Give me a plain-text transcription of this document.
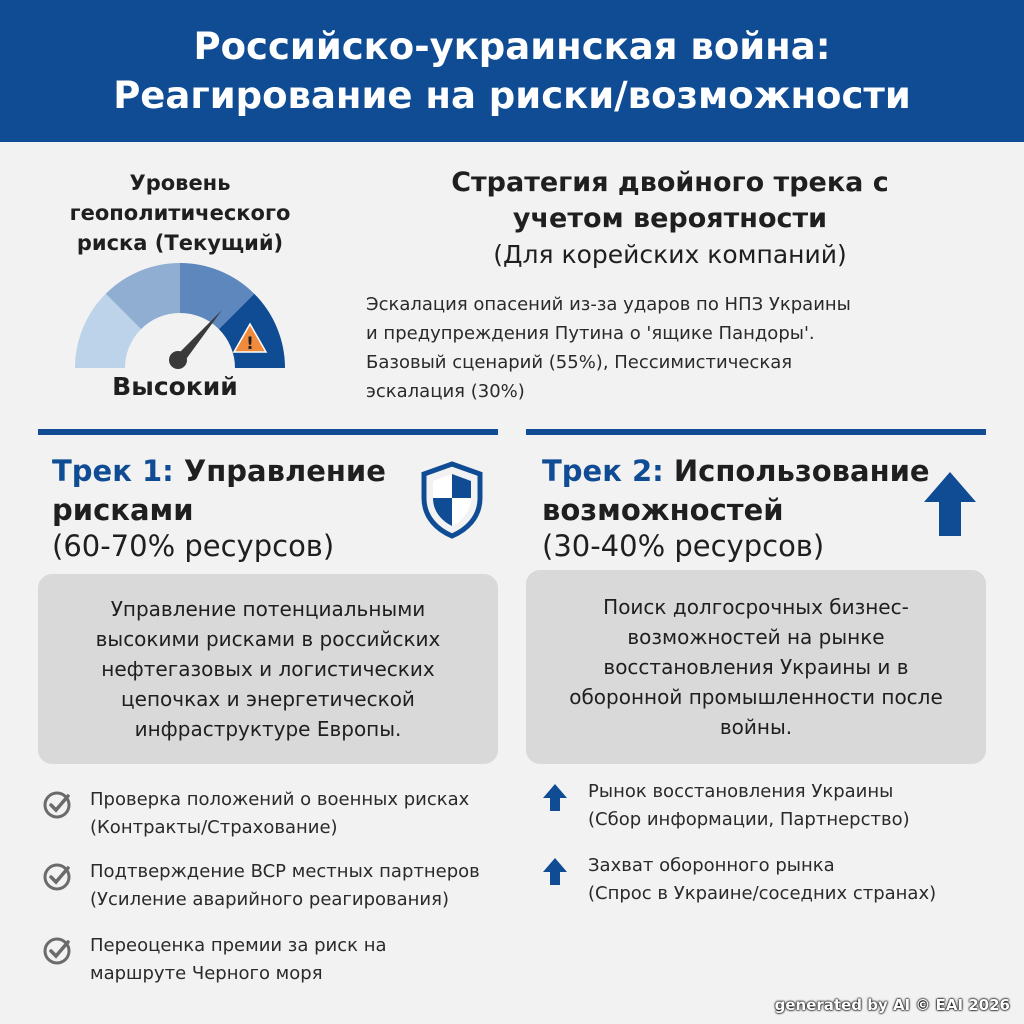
Российско-украинская война:
Реагирование на риски/возможности
Уровень
геополитического
риска (Текущий)
!
Высокий
Стратегия двойного трека с
учетом вероятности
(Для корейских компаний)
Эскалация опасений из-за ударов по НПЗ Украины
и предупреждения Путина о 'ящике Пандоры'.
Базовый сценарий (55%), Пессимистическая
эскалация (30%)
Трек 1: Управление
рисками
(60-70% ресурсов)
Управление потенциальными
высокими рисками в российских
нефтегазовых и логистических
цепочках и энергетической
инфраструктуре Европы.
Проверка положений о военных рисках
(Контракты/Страхование)
Подтверждение BCP местных партнеров
(Усиление аварийного реагирования)
Переоценка премии за риск на
маршруте Черного моря
Трек 2: Использование
возможностей
(30-40% ресурсов)
Поиск долгосрочных бизнес-
возможностей на рынке
восстановления Украины и в
оборонной промышленности после
войны.
Рынок восстановления Украины
(Сбор информации, Партнерство)
Захват оборонного рынка
(Спрос в Украине/соседних странах)
generated by AI © EAI 2026
